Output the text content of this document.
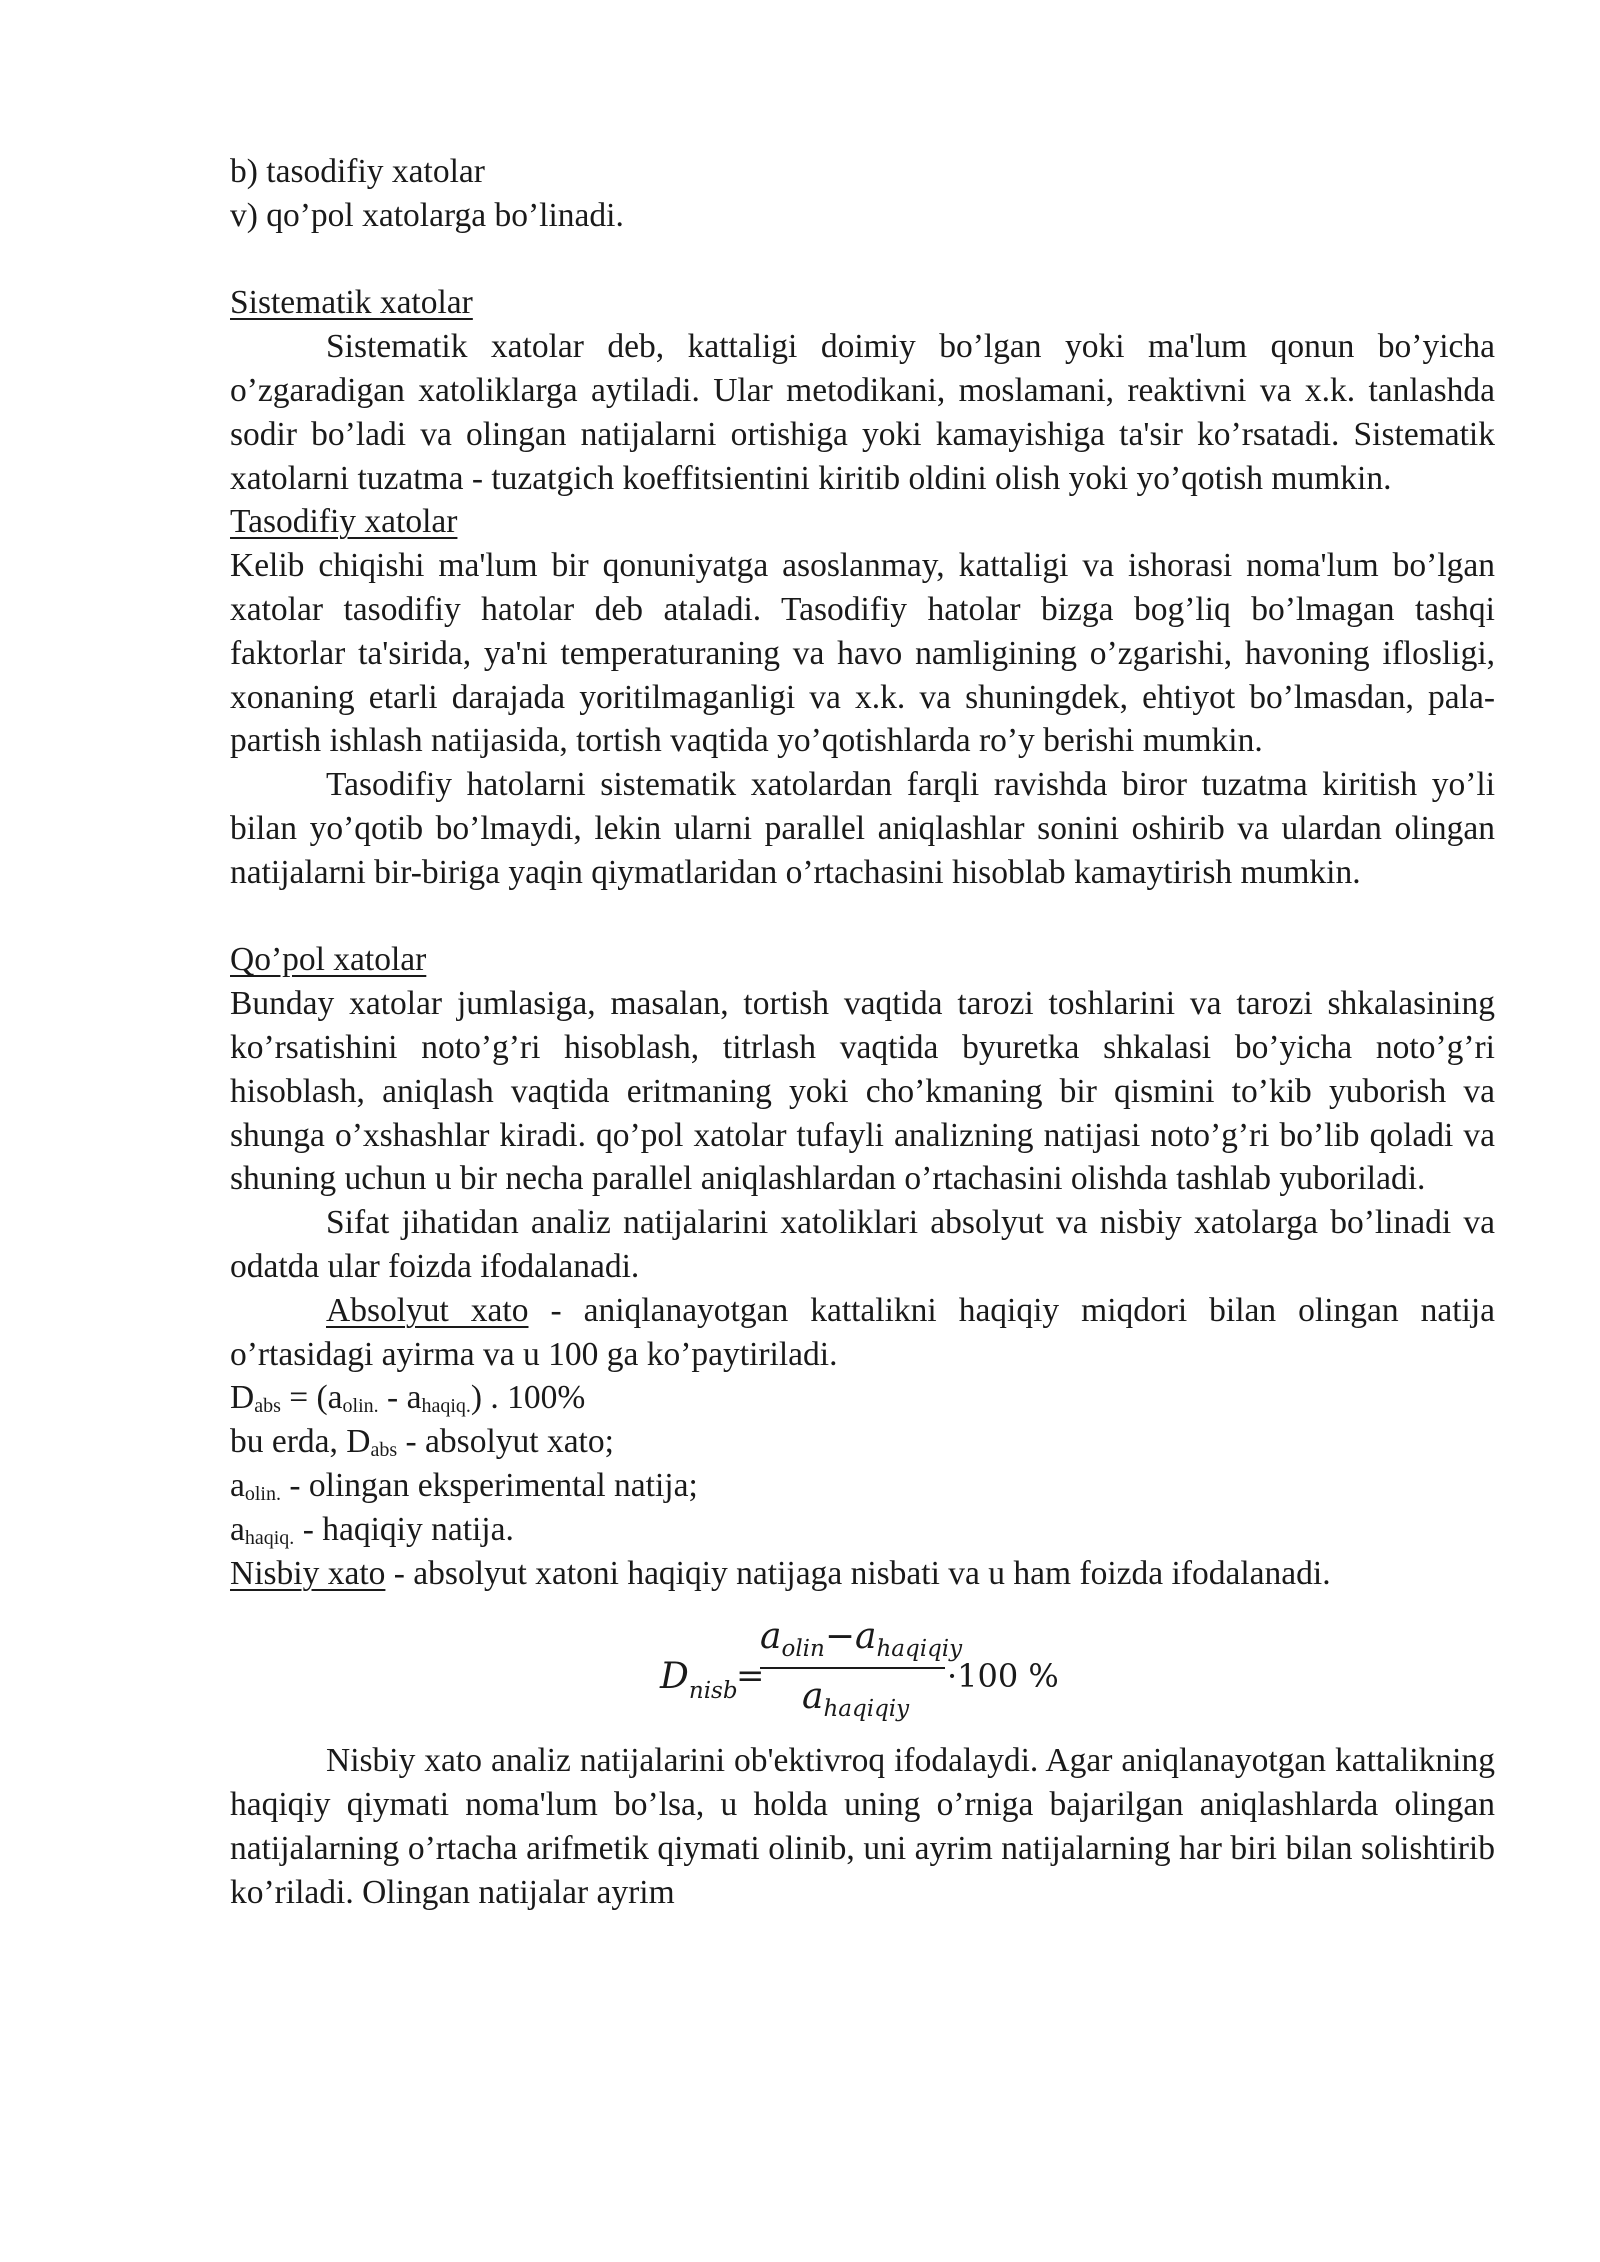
b) tasodifiy xatolar

v) qo’pol xatolarga bo’linadi.

Sistematik xatolar

Sistematik xatolar deb, kattaligi doimiy bo’lgan yoki ma'lum qonun bo’yicha o’zgaradigan xatoliklarga aytiladi. Ular metodikani, moslamani, reaktivni va x.k. tanlashda sodir bo’ladi va olingan natijalarni ortishiga yoki kamayishiga ta'sir ko’rsatadi. Sistematik xatolarni tuzatma - tuzatgich koeffitsientini kiritib oldini olish yoki yo’qotish mumkin.

Tasodifiy xatolar

Kelib chiqishi ma'lum bir qonuniyatga asoslanmay, kattaligi va ishorasi noma'lum bo’lgan xatolar tasodifiy hatolar deb ataladi. Tasodifiy hatolar bizga bog’liq bo’lmagan tashqi faktorlar ta'sirida, ya'ni temperaturaning va havo namligining o’zgarishi, havoning iflosligi, xonaning etarli darajada yoritilmaganligi va x.k. va shuningdek, ehtiyot bo’lmasdan, pala-partish ishlash natijasida, tortish vaqtida yo’qotishlarda ro’y berishi mumkin.

Tasodifiy hatolarni sistematik xatolardan farqli ravishda biror tuzatma kiritish yo’li bilan yo’qotib bo’lmaydi, lekin ularni parallel aniqlashlar sonini oshirib va ulardan olingan natijalarni bir-biriga yaqin qiymatlaridan o’rtachasini hisoblab kamaytirish mumkin.

Qo’pol xatolar

Bunday xatolar jumlasiga, masalan, tortish vaqtida tarozi toshlarini va tarozi shkalasining ko’rsatishini noto’g’ri hisoblash, titrlash vaqtida byuretka shkalasi bo’yicha noto’g’ri hisoblash, aniqlash vaqtida eritmaning yoki cho’kmaning bir qismini to’kib yuborish va shunga o’xshashlar kiradi. qo’pol xatolar tufayli analizning natijasi noto’g’ri bo’lib qoladi va shuning uchun u bir necha parallel aniqlashlardan o’rtachasini olishda tashlab yuboriladi.

Sifat jihatidan analiz natijalarini xatoliklari absolyut va nisbiy xatolarga bo’linadi va odatda ular foizda ifodalanadi.

Absolyut xato - aniqlanayotgan kattalikni haqiqiy miqdori bilan olingan natija o’rtasidagi ayirma va u 100 ga ko’paytiriladi.

$D_{abs} = (a_{olin.} - a_{haqiq.})$ . 100%

bu erda, $D_{abs}$ - absolyut xato;

$a_{olin.}$ - olingan eksperimental natija;

$a_{haqiq.}$ - haqiqiy natija.

Nisbiy xato - absolyut xatoni haqiqiy natijaga nisbati va u ham foizda ifodalanadi.

$D_{nisb}$
=
$a_{olin}-a_{haqiqiy}$
$a_{haqiqiy}$
·100 %

Nisbiy xato analiz natijalarini ob'ektivroq ifodalaydi. Agar aniqlanayotgan kattalikning haqiqiy qiymati noma'lum bo’lsa, u holda uning o’rniga bajarilgan aniqlashlarda olingan natijalarning o’rtacha arifmetik qiymati olinib, uni ayrim natijalarning har biri bilan solishtirib ko’riladi. Olingan natijalar ayrim
